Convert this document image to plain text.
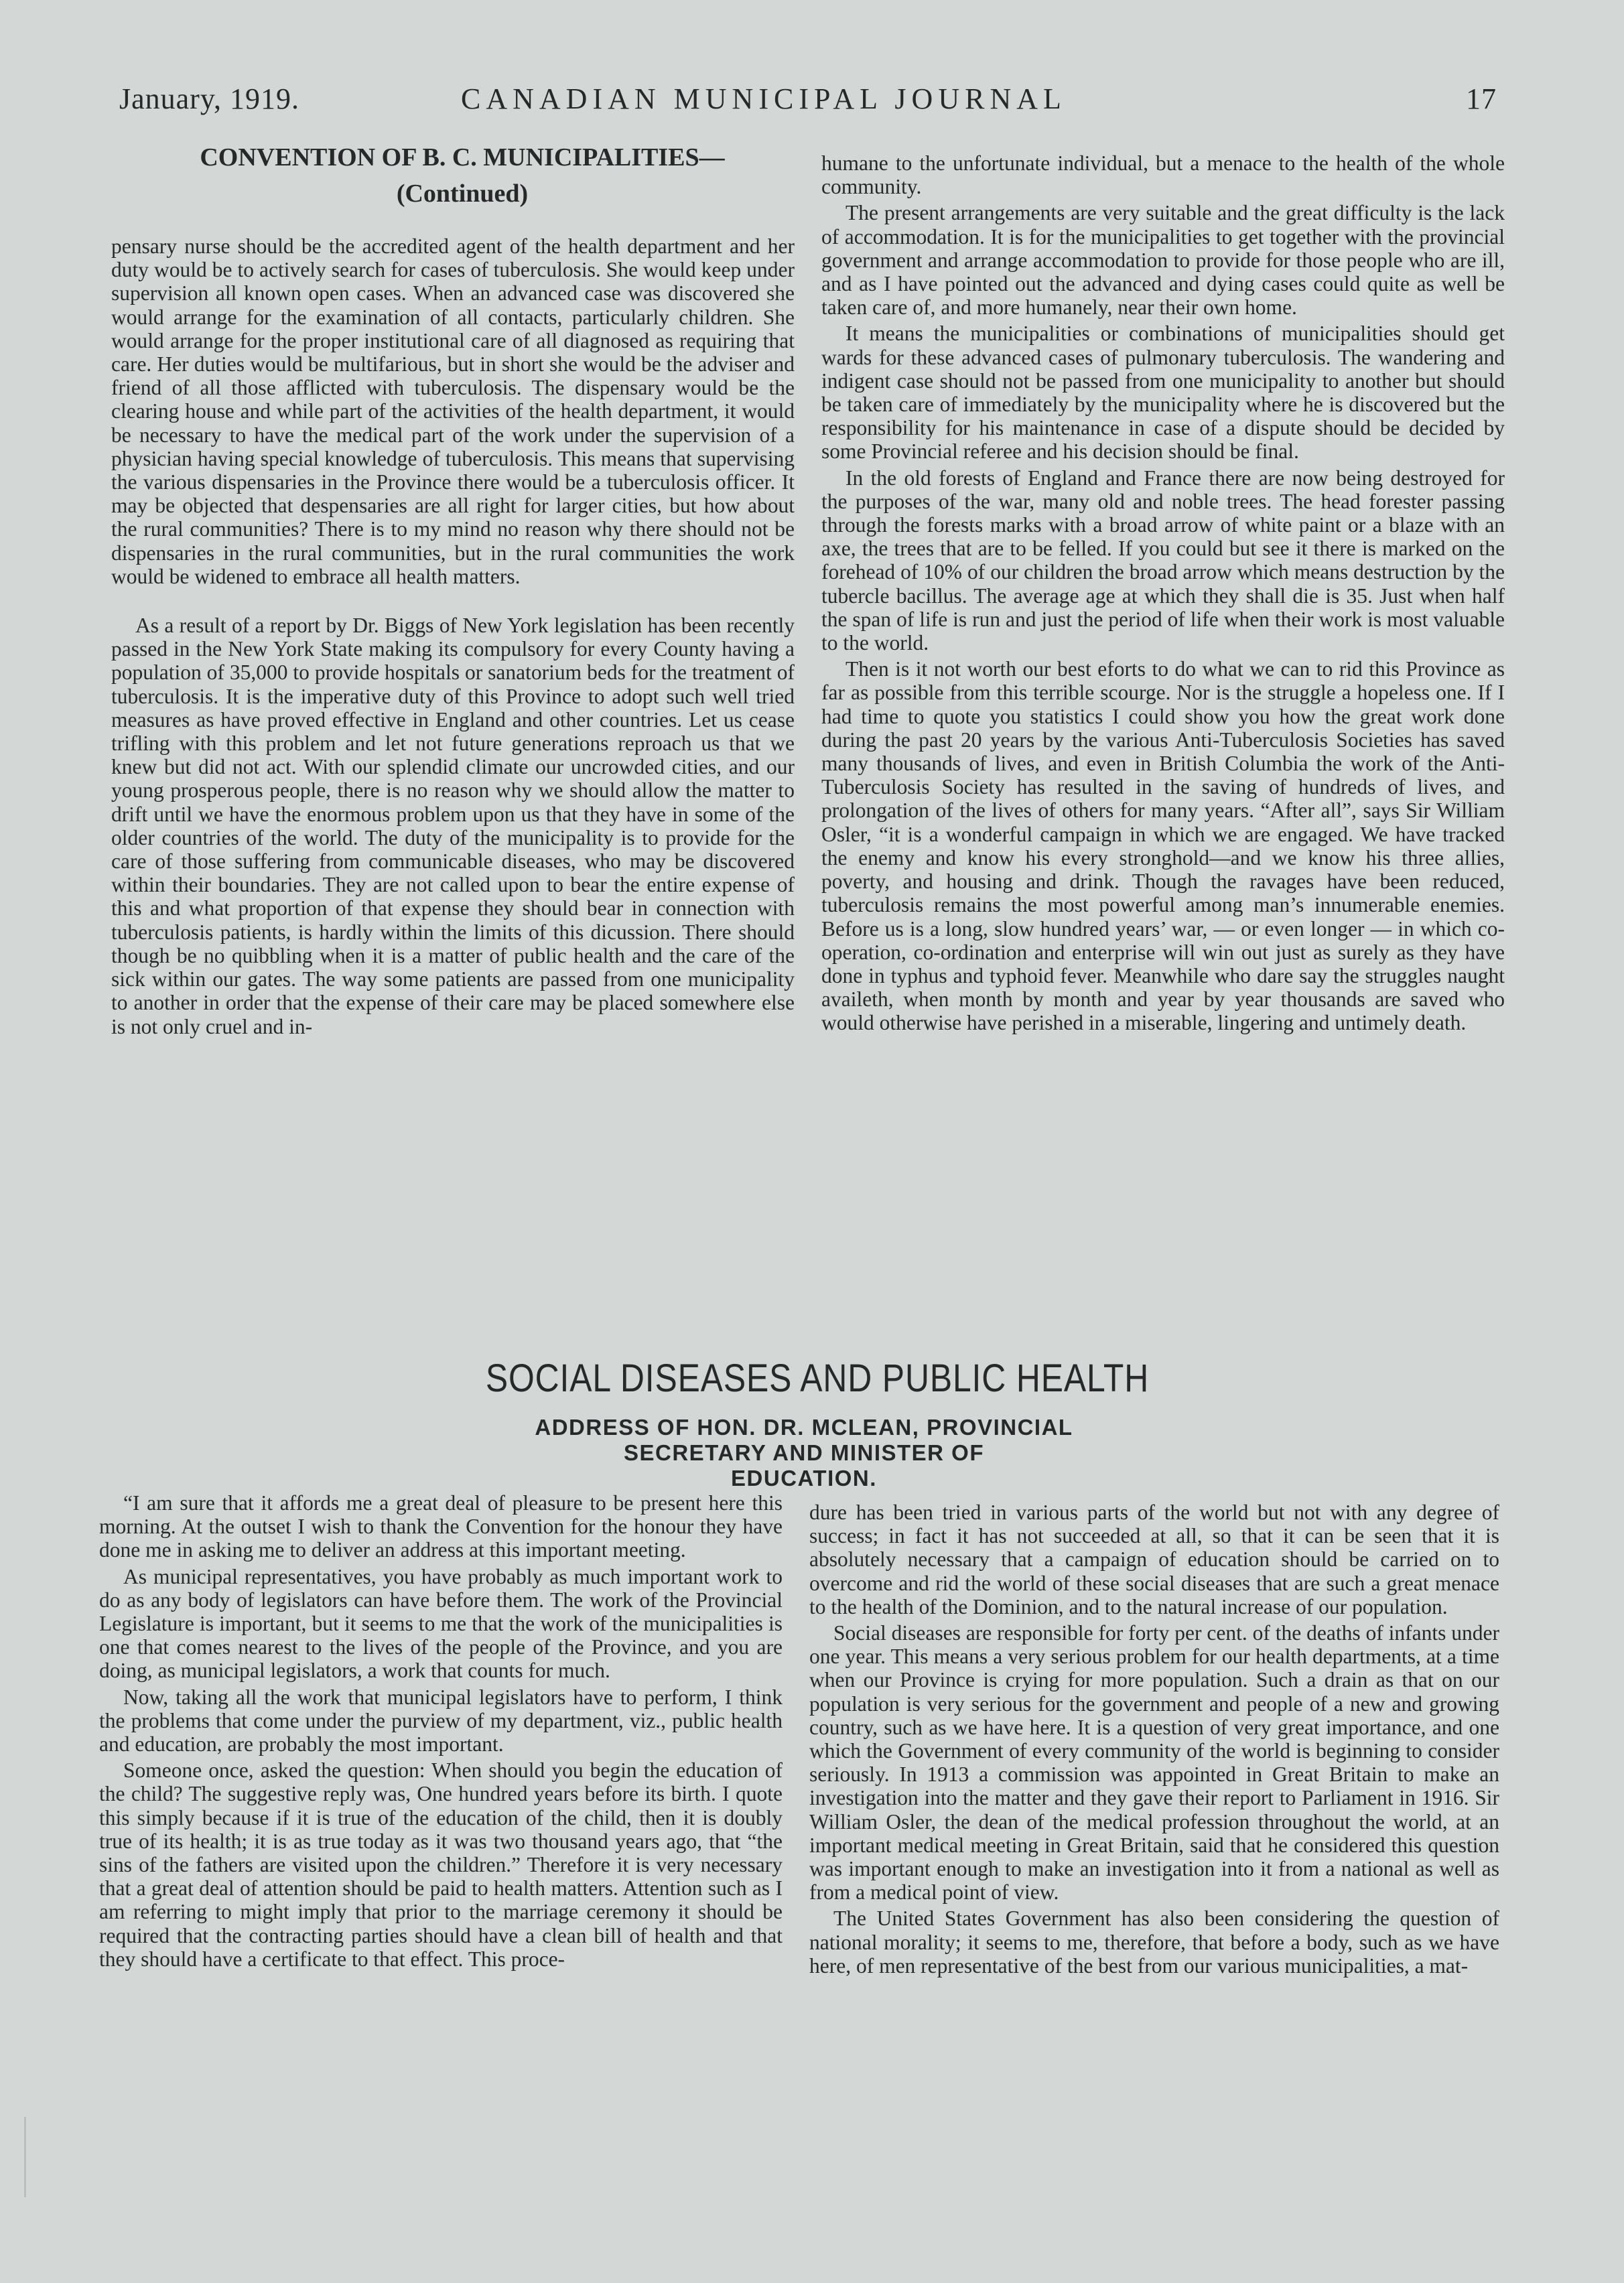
January, 1919.	CANADIAN MUNICIPAL JOURNAL	17
CONVENTION OF B. C. MUNICIPALITIES—
(Continued)

pensary nurse should be the accredited agent of the health department and her duty would be to actively search for cases of tuberculosis. She would keep under supervision all known open cases. When an advanced case was discovered she would arrange for the examination of all contacts, particularly children. She would arrange for the proper institutional care of all diagnosed as requiring that care. Her duties would be multifarious, but in short she would be the adviser and friend of all those afflicted with tuberculosis. The dispensary would be the clearing house and while part of the activities of the health department, it would be necessary to have the medical part of the work under the supervision of a physician having special knowledge of tuberculosis. This means that supervising the various dispensaries in the Province there would be a tuberculosis officer. It may be objected that despensaries are all right for larger cities, but how about the rural communities? There is to my mind no reason why there should not be dispensaries in the rural communities, but in the rural communities the work would be widened to embrace all health matters.

As a result of a report by Dr. Biggs of New York legislation has been recently passed in the New York State making its compulsory for every County having a population of 35,000 to provide hospitals or sanatorium beds for the treatment of tuberculosis. It is the imperative duty of this Province to adopt such well tried measures as have proved effective in England and other countries. Let us cease trifling with this problem and let not future generations reproach us that we knew but did not act. With our splendid climate our uncrowded cities, and our young prosperous people, there is no reason why we should allow the matter to drift until we have the enormous problem upon us that they have in some of the older countries of the world. The duty of the municipality is to provide for the care of those suffering from communicable diseases, who may be discovered within their boundaries. They are not called upon to bear the entire expense of this and what proportion of that expense they should bear in connection with tuberculosis patients, is hardly within the limits of this dicussion. There should though be no quibbling when it is a matter of public health and the care of the sick within our gates. The way some patients are passed from one municipality to another in order that the expense of their care may be placed somewhere else is not only cruel and in-

humane to the unfortunate individual, but a menace to the health of the whole community.

The present arrangements are very suitable and the great difficulty is the lack of accommodation. It is for the municipalities to get together with the provincial government and arrange accommodation to provide for those people who are ill, and as I have pointed out the advanced and dying cases could quite as well be taken care of, and more humanely, near their own home.

It means the municipalities or combinations of municipalities should get wards for these advanced cases of pulmonary tuberculosis. The wandering and indigent case should not be passed from one municipality to another but should be taken care of immediately by the municipality where he is discovered but the responsibility for his maintenance in case of a dispute should be decided by some Provincial referee and his decision should be final.

In the old forests of England and France there are now being destroyed for the purposes of the war, many old and noble trees. The head forester passing through the forests marks with a broad arrow of white paint or a blaze with an axe, the trees that are to be felled. If you could but see it there is marked on the forehead of 10% of our children the broad arrow which means destruction by the tubercle bacillus. The average age at which they shall die is 35. Just when half the span of life is run and just the period of life when their work is most valuable to the world.

Then is it not worth our best eforts to do what we can to rid this Province as far as possible from this terrible scourge. Nor is the struggle a hopeless one. If I had time to quote you statistics I could show you how the great work done during the past 20 years by the various Anti-Tuberculosis Societies has saved many thousands of lives, and even in British Columbia the work of the Anti-Tuberculosis Society has resulted in the saving of hundreds of lives, and prolongation of the lives of others for many years. “After all”, says Sir William Osler, “it is a wonderful campaign in which we are engaged. We have tracked the enemy and know his every stronghold—and we know his three allies, poverty, and housing and drink. Though the ravages have been reduced, tuberculosis remains the most powerful among man’s innumerable enemies. Before us is a long, slow hundred years’ war, — or even longer — in which co-operation, co-ordination and enterprise will win out just as surely as they have done in typhus and typhoid fever. Meanwhile who dare say the struggles naught availeth, when month by month and year by year thousands are saved who would otherwise have perished in a miserable, lingering and untimely death.

SOCIAL DISEASES AND PUBLIC HEALTH
ADDRESS OF HON. DR. MCLEAN, PROVINCIAL
SECRETARY AND MINISTER OF
EDUCATION.

“I am sure that it affords me a great deal of pleasure to be present here this morning. At the outset I wish to thank the Convention for the honour they have done me in asking me to deliver an address at this important meeting.

As municipal representatives, you have probably as much important work to do as any body of legislators can have before them. The work of the Provincial Legislature is important, but it seems to me that the work of the municipalities is one that comes nearest to the lives of the people of the Province, and you are doing, as municipal legislators, a work that counts for much.

Now, taking all the work that municipal legislators have to perform, I think the problems that come under the purview of my department, viz., public health and education, are probably the most important.

Someone once, asked the question: When should you begin the education of the child? The suggestive reply was, One hundred years before its birth. I quote this simply because if it is true of the education of the child, then it is doubly true of its health; it is as true today as it was two thousand years ago, that “the sins of the fathers are visited upon the children.” Therefore it is very necessary that a great deal of attention should be paid to health matters. Attention such as I am referring to might imply that prior to the marriage ceremony it should be required that the contracting parties should have a clean bill of health and that they should have a certificate to that effect. This proce-

dure has been tried in various parts of the world but not with any degree of success; in fact it has not succeeded at all, so that it can be seen that it is absolutely necessary that a campaign of education should be carried on to overcome and rid the world of these social diseases that are such a great menace to the health of the Dominion, and to the natural increase of our population.

Social diseases are responsible for forty per cent. of the deaths of infants under one year. This means a very serious problem for our health departments, at a time when our Province is crying for more population. Such a drain as that on our population is very serious for the government and people of a new and growing country, such as we have here. It is a question of very great importance, and one which the Government of every community of the world is beginning to consider seriously. In 1913 a commission was appointed in Great Britain to make an investigation into the matter and they gave their report to Parliament in 1916. Sir William Osler, the dean of the medical profession throughout the world, at an important medical meeting in Great Britain, said that he considered this question was important enough to make an investigation into it from a national as well as from a medical point of view.

The United States Government has also been considering the question of national morality; it seems to me, therefore, that before a body, such as we have here, of men representative of the best from our various municipalities, a mat-
